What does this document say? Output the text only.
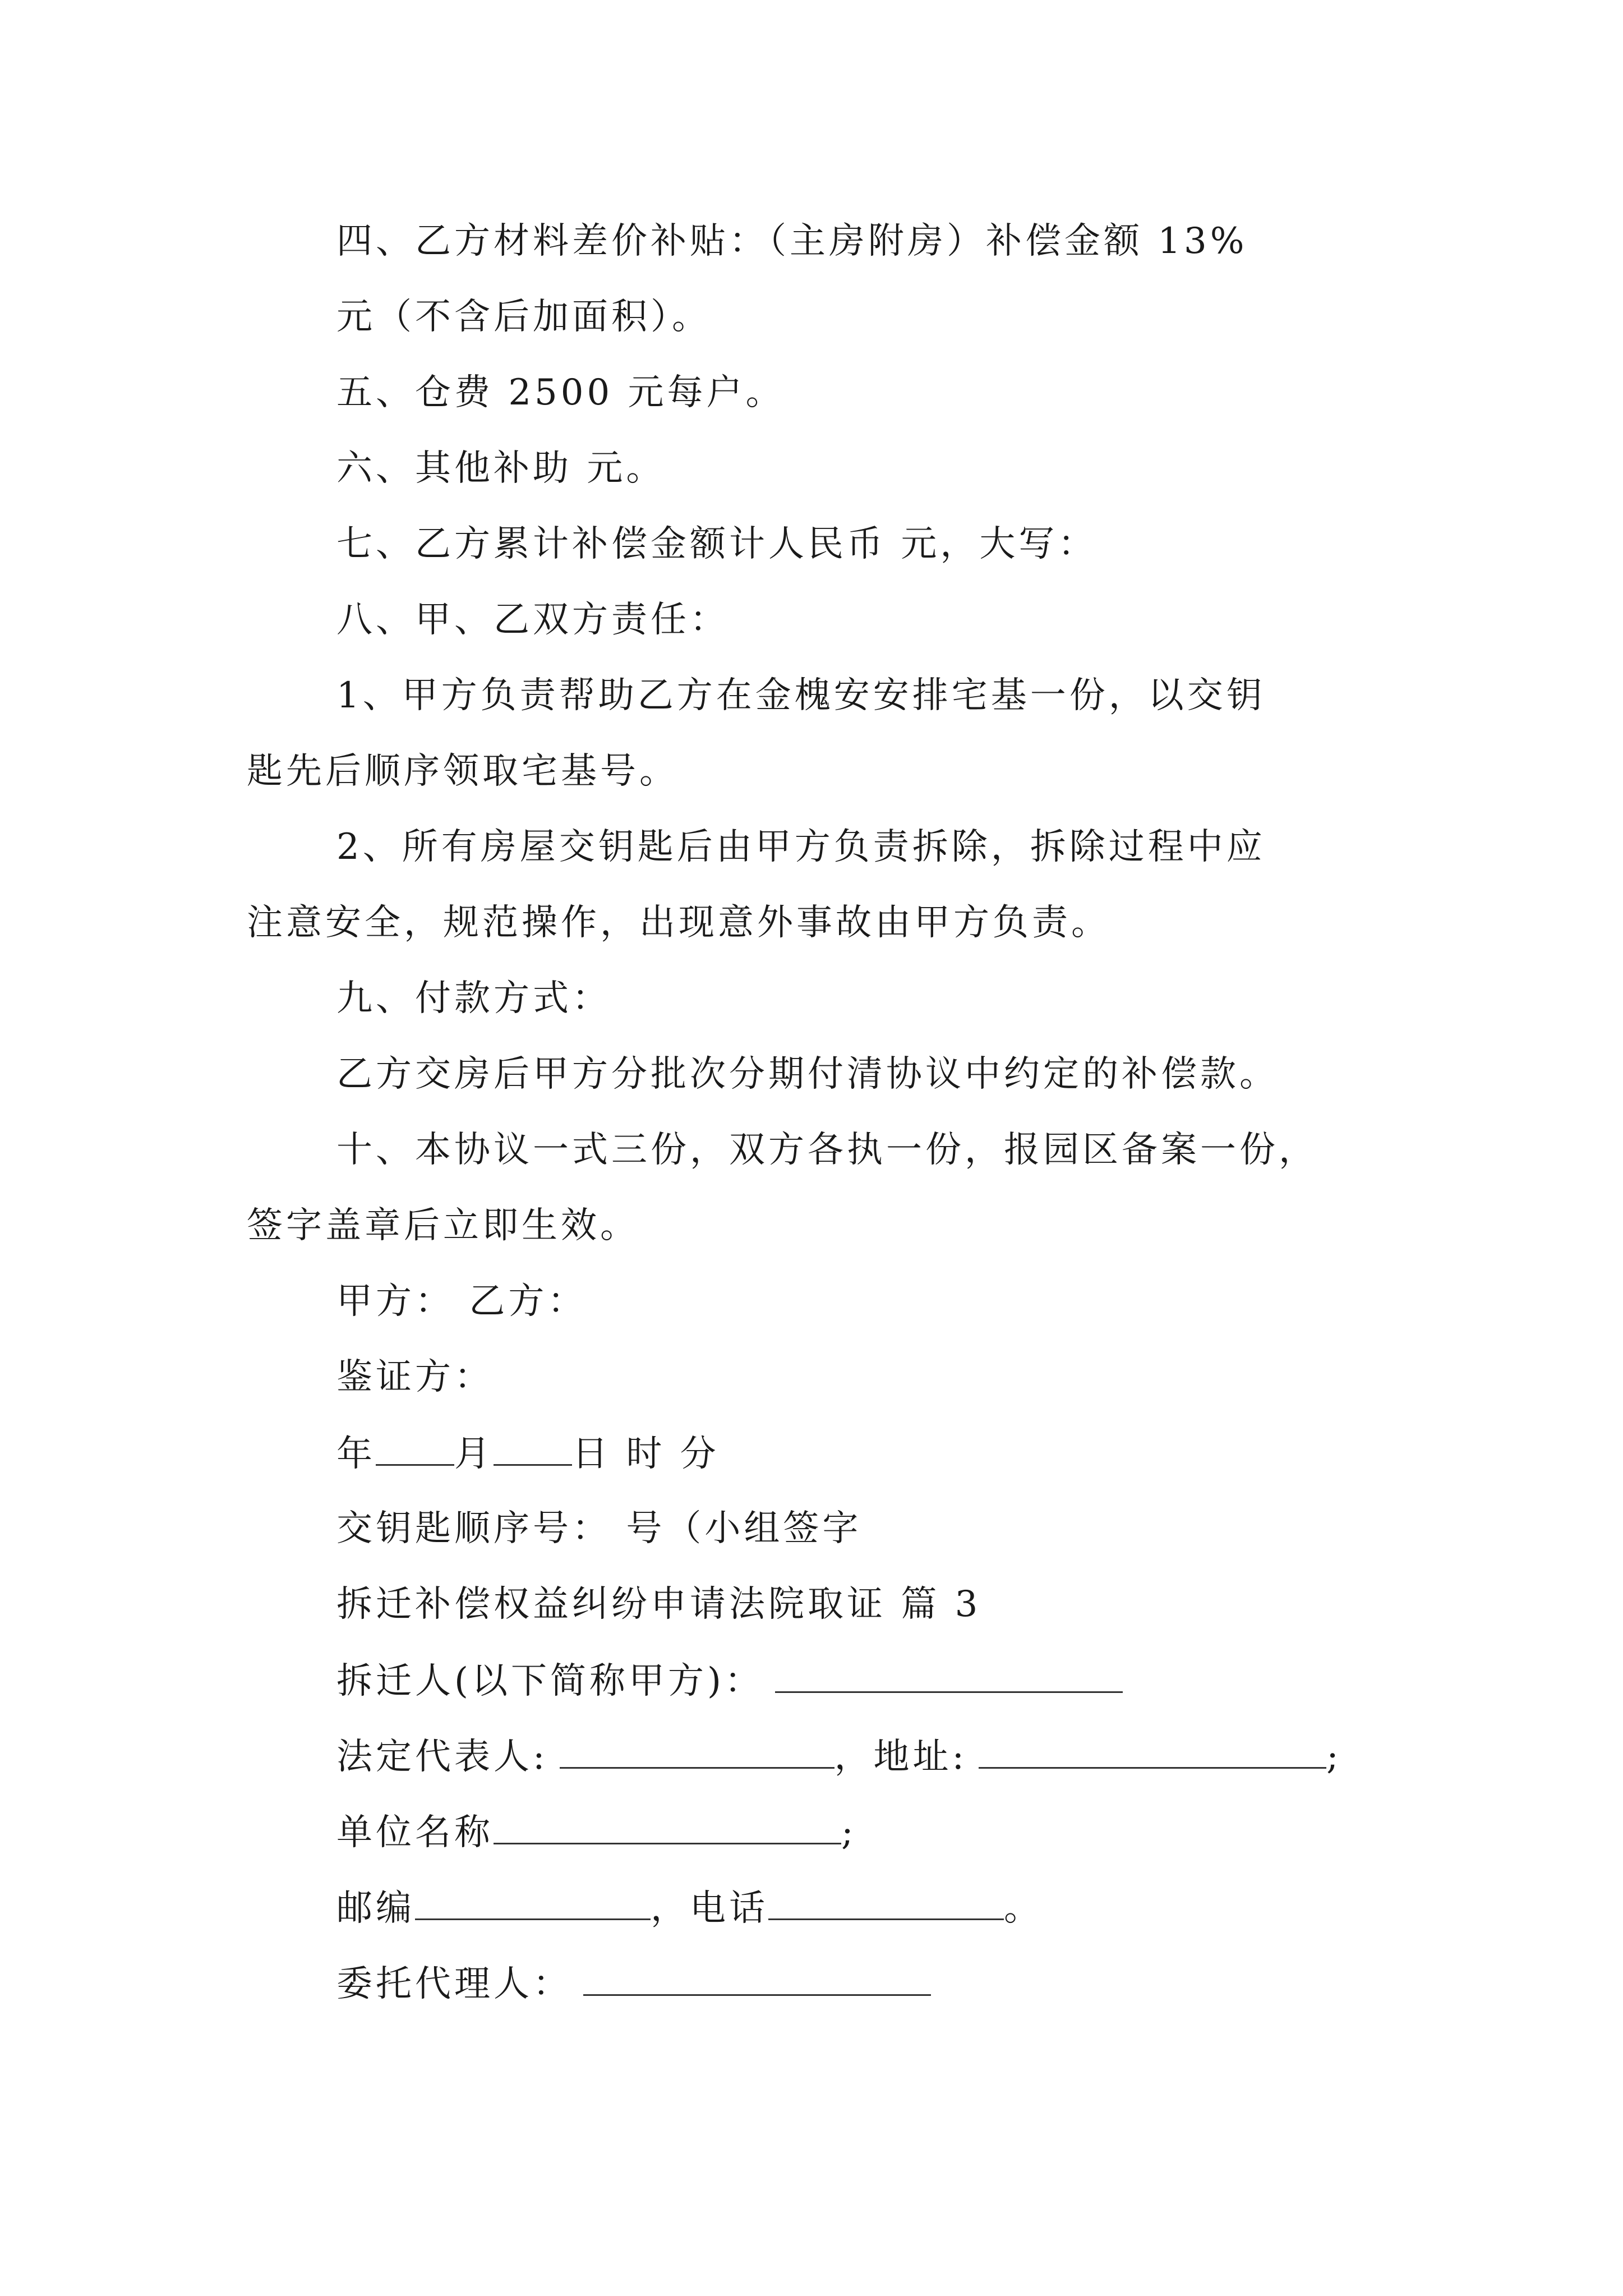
四、乙方材料差价补贴：（主房附房）补偿金额 13%
元（不含后加面积）。
五、仓费 2500 元每户。
六、其他补助 元。
七、乙方累计补偿金额计人民币 元，大写：
八、甲、乙双方责任：
1、甲方负责帮助乙方在金槐安安排宅基一份，以交钥
匙先后顺序领取宅基号。
2、所有房屋交钥匙后由甲方负责拆除，拆除过程中应
注意安全，规范操作，出现意外事故由甲方负责。
九、付款方式：
乙方交房后甲方分批次分期付清协议中约定的补偿款。
十、本协议一式三份，双方各执一份，报园区备案一份，
签字盖章后立即生效。
甲方： 乙方：
鉴证方：
年 月 日 时 分
交钥匙顺序号： 号（小组签字
拆迁补偿权益纠纷申请法院取证 篇 3
拆迁人(以下简称甲方)：
法定代表人:	，地址:	;
单位名称	;
邮编	，电话	。
委托代理人：
